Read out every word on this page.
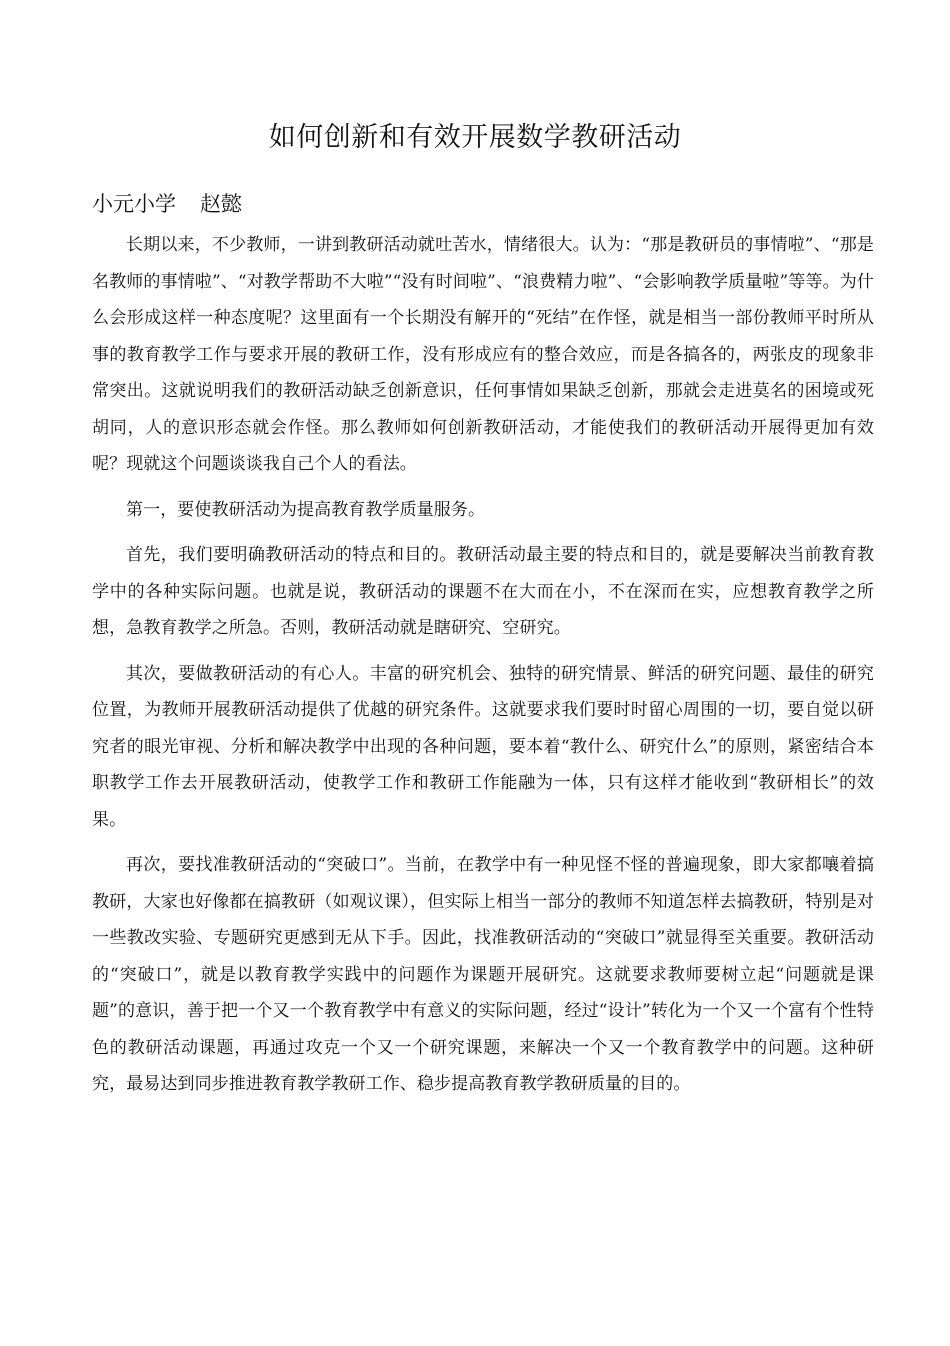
如何创新和有效开展数学教研活动
小元小学 赵懿

长期以来，不少教师，一讲到教研活动就吐苦水，情绪很大。认为：“那是教研员的事情啦”、“那是名教师的事情啦”、“对教学帮助不大啦”“没有时间啦”、“浪费精力啦”、“会影响教学质量啦”等等。为什么会形成这样一种态度呢？这里面有一个长期没有解开的“死结”在作怪，就是相当一部份教师平时所从事的教育教学工作与要求开展的教研工作，没有形成应有的整合效应，而是各搞各的，两张皮的现象非常突出。这就说明我们的教研活动缺乏创新意识，任何事情如果缺乏创新，那就会走进莫名的困境或死胡同，人的意识形态就会作怪。那么教师如何创新教研活动，才能使我们的教研活动开展得更加有效呢？现就这个问题谈谈我自己个人的看法。

第一，要使教研活动为提高教育教学质量服务。

首先，我们要明确教研活动的特点和目的。教研活动最主要的特点和目的，就是要解决当前教育教学中的各种实际问题。也就是说，教研活动的课题不在大而在小，不在深而在实，应想教育教学之所想，急教育教学之所急。否则，教研活动就是瞎研究、空研究。

其次，要做教研活动的有心人。丰富的研究机会、独特的研究情景、鲜活的研究问题、最佳的研究位置，为教师开展教研活动提供了优越的研究条件。这就要求我们要时时留心周围的一切，要自觉以研究者的眼光审视、分析和解决教学中出现的各种问题，要本着“教什么、研究什么”的原则，紧密结合本职教学工作去开展教研活动，使教学工作和教研工作能融为一体，只有这样才能收到“教研相长”的效果。

再次，要找准教研活动的“突破口”。当前，在教学中有一种见怪不怪的普遍现象，即大家都嚷着搞教研，大家也好像都在搞教研（如观议课），但实际上相当一部分的教师不知道怎样去搞教研，特别是对一些教改实验、专题研究更感到无从下手。因此，找准教研活动的“突破口”就显得至关重要。教研活动的“突破口”，就是以教育教学实践中的问题作为课题开展研究。这就要求教师要树立起“问题就是课题”的意识，善于把一个又一个教育教学中有意义的实际问题，经过“设计”转化为一个又一个富有个性特色的教研活动课题，再通过攻克一个又一个研究课题，来解决一个又一个教育教学中的问题。这种研究，最易达到同步推进教育教学教研工作、稳步提高教育教学教研质量的目的。
